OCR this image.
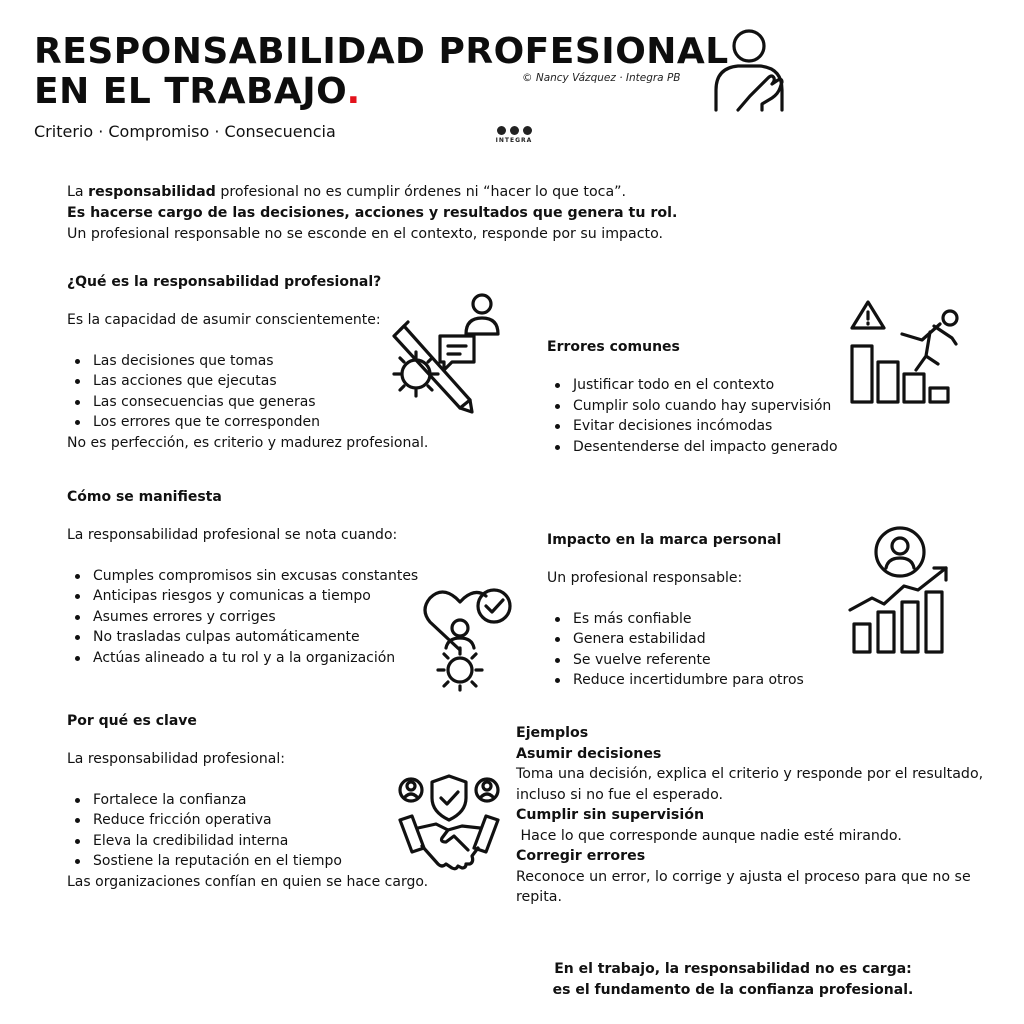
RESPONSABILIDAD PROFESIONAL
EN EL TRABAJO.	© Nancy Vázquez · Integra PB
Criterio · Compromiso · Consecuencia	INTEGRA
La responsabilidad profesional no es cumplir órdenes ni “hacer lo que toca”.
Es hacerse cargo de las decisiones, acciones y resultados que genera tu rol.
Un profesional responsable no se esconde en el contexto, responde por su impacto.
¿Qué es la responsabilidad profesional?
Es la capacidad de asumir conscientemente:
Las decisiones que tomas
Las acciones que ejecutas
Las consecuencias que generas
Los errores que te corresponden
No es perfección, es criterio y madurez profesional.
Errores comunes
Justificar todo en el contexto
Cumplir solo cuando hay supervisión
Evitar decisiones incómodas
Desentenderse del impacto generado
Cómo se manifiesta
La responsabilidad profesional se nota cuando:
Cumples compromisos sin excusas constantes
Anticipas riesgos y comunicas a tiempo
Asumes errores y corriges
No trasladas culpas automáticamente
Actúas alineado a tu rol y a la organización
Impacto en la marca personal
Un profesional responsable:
Es más confiable
Genera estabilidad
Se vuelve referente
Reduce incertidumbre para otros
Por qué es clave
La responsabilidad profesional:
Fortalece la confianza
Reduce fricción operativa
Eleva la credibilidad interna
Sostiene la reputación en el tiempo
Las organizaciones confían en quien se hace cargo.
Ejemplos
Asumir decisiones
Toma una decisión, explica el criterio y responde por el resultado, incluso si no fue el esperado.
Cumplir sin supervisión
Hace lo que corresponde aunque nadie esté mirando.
Corregir errores
Reconoce un error, lo corrige y ajusta el proceso para que no se repita.
En el trabajo, la responsabilidad no es carga:
es el fundamento de la confianza profesional.
